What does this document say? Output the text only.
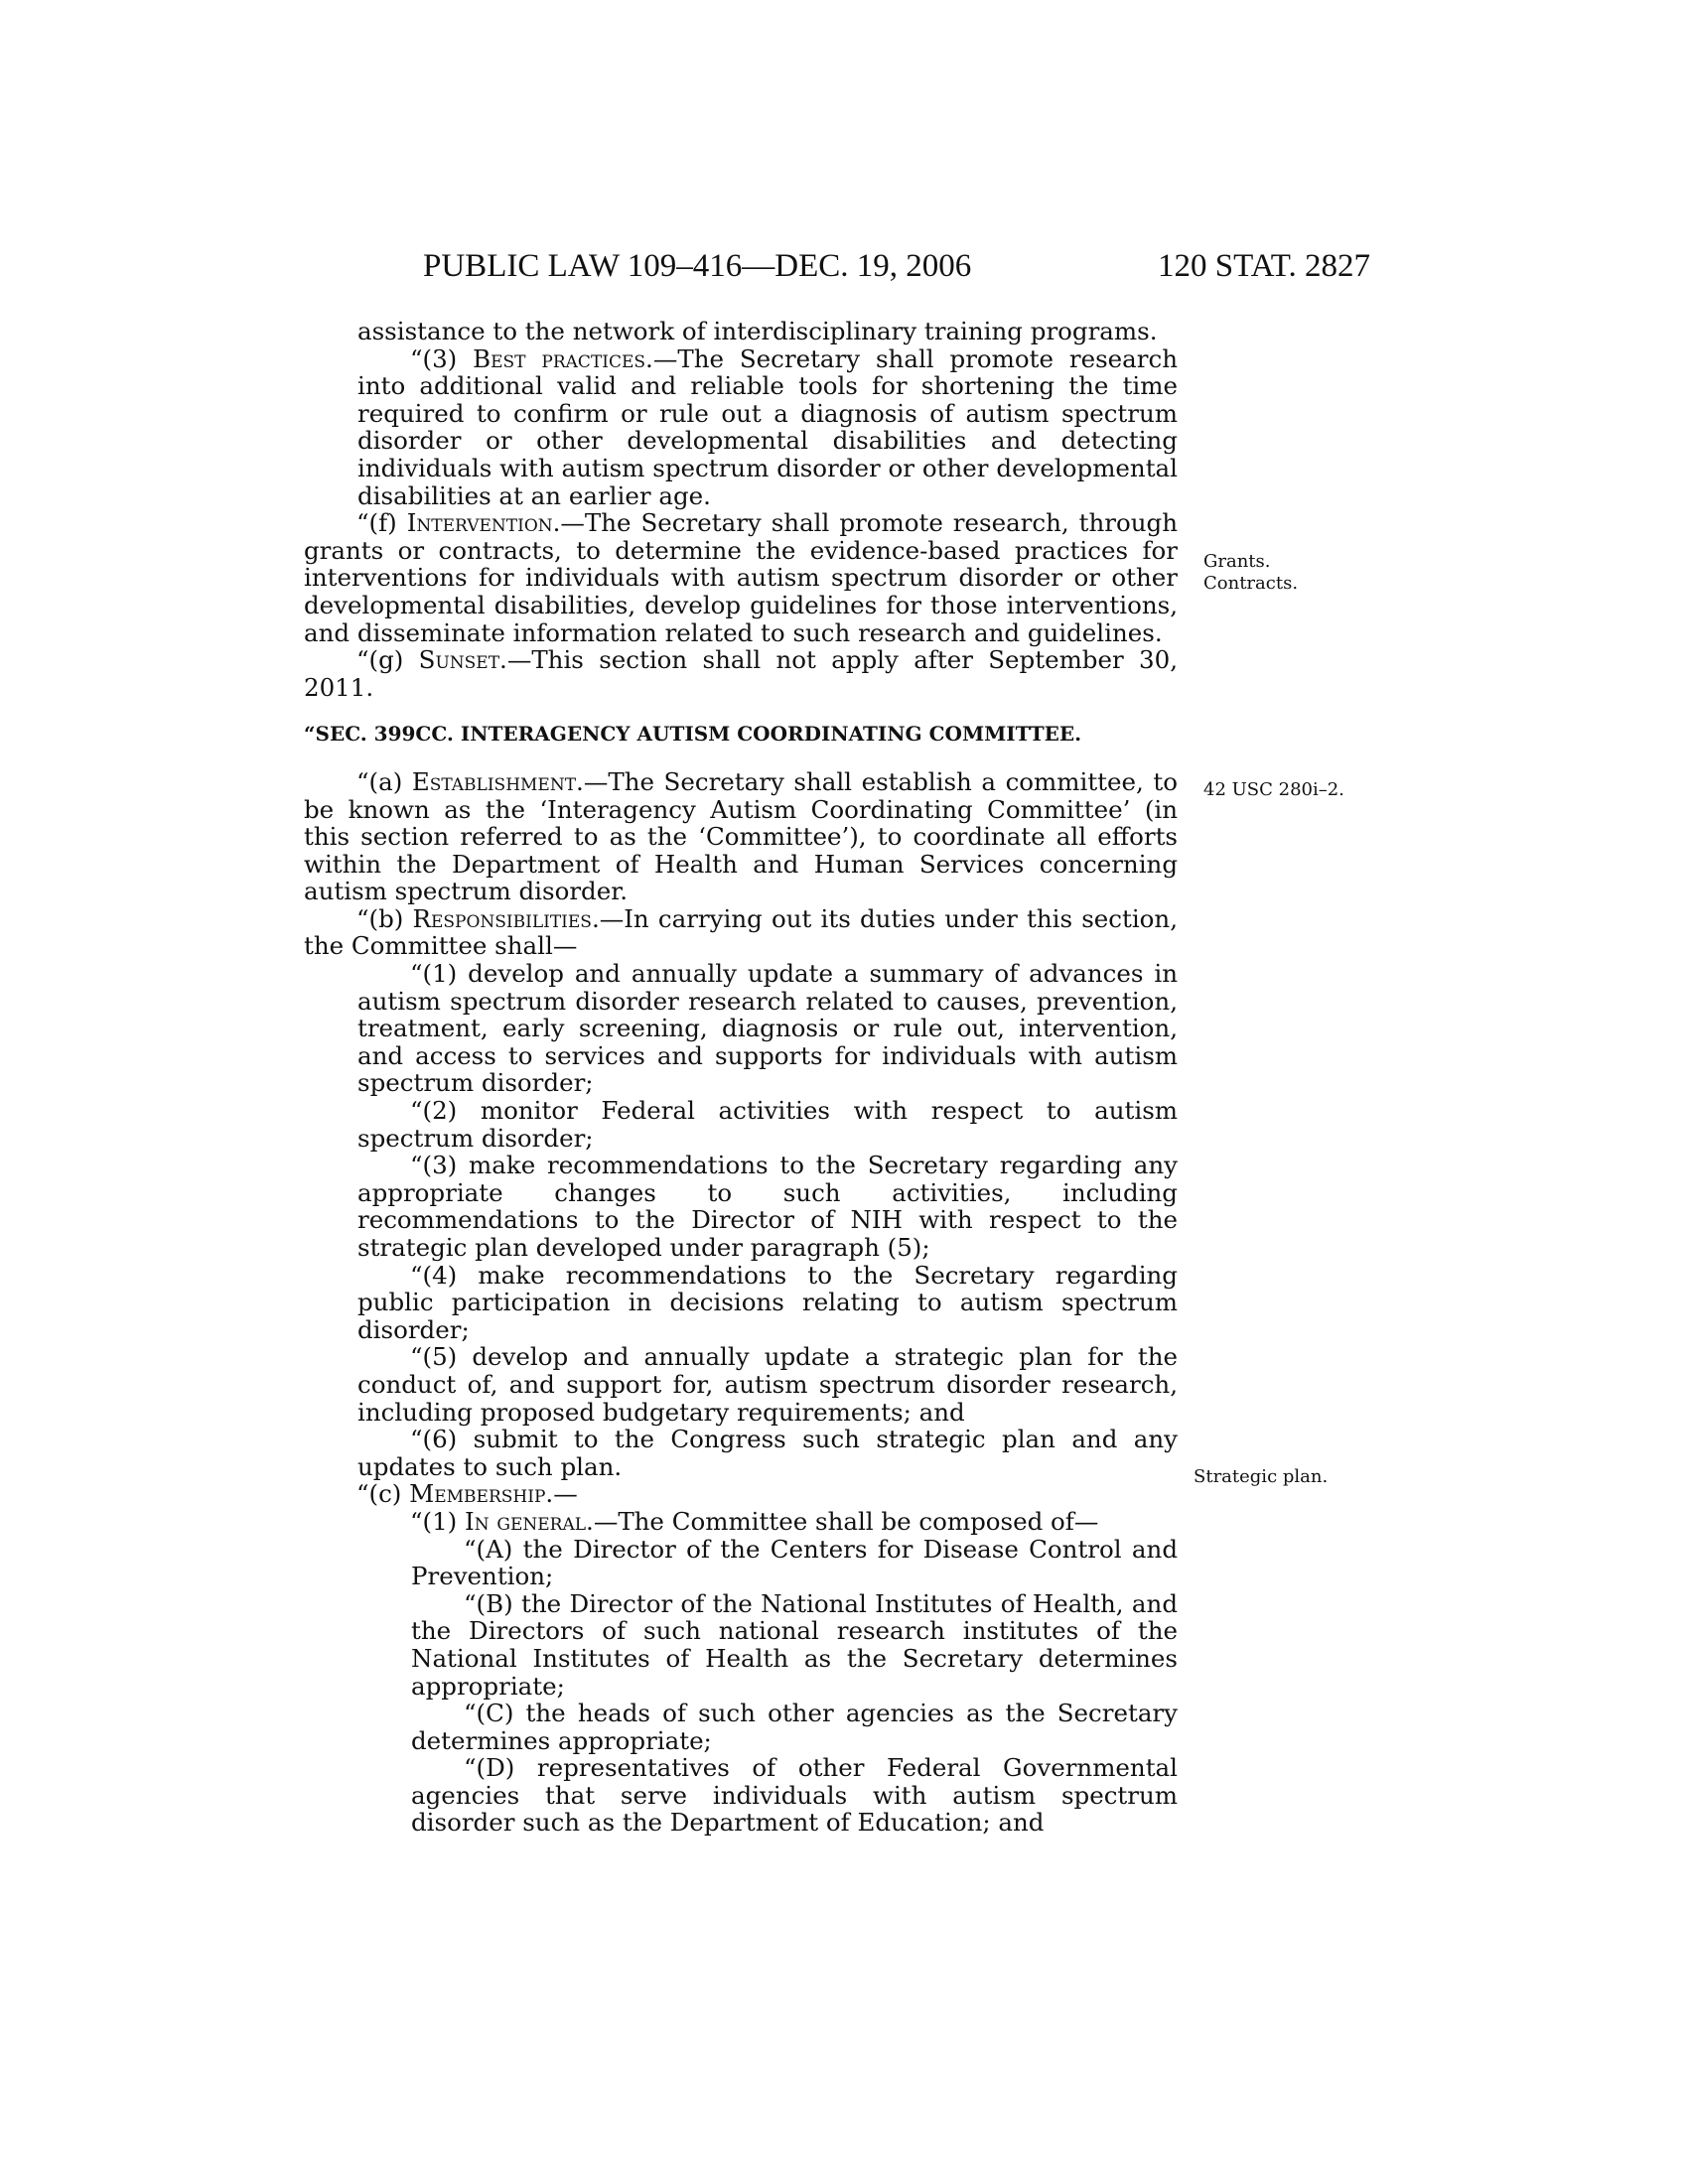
PUBLIC LAW 109–416—DEC. 19, 2006	120 STAT. 2827

assistance to the network of interdisciplinary training programs.

“(3) Best practices.—The Secretary shall promote research into additional valid and reliable tools for shortening the time required to confirm or rule out a diagnosis of autism spectrum disorder or other developmental disabilities and detecting individuals with autism spectrum disorder or other developmental disabilities at an earlier age.

“(f) Intervention.—The Secretary shall promote research, through grants or contracts, to determine the evidence-based practices for interventions for individuals with autism spectrum disorder or other developmental disabilities, develop guidelines for those interventions, and disseminate information related to such research and guidelines.

“(g) Sunset.—This section shall not apply after September 30, 2011.

“SEC. 399CC. INTERAGENCY AUTISM COORDINATING COMMITTEE.

“(a) Establishment.—The Secretary shall establish a committee, to be known as the ‘Interagency Autism Coordinating Committee’ (in this section referred to as the ‘Committee’), to coordinate all efforts within the Department of Health and Human Services concerning autism spectrum disorder.

“(b) Responsibilities.—In carrying out its duties under this section, the Committee shall—

“(1) develop and annually update a summary of advances in autism spectrum disorder research related to causes, prevention, treatment, early screening, diagnosis or rule out, intervention, and access to services and supports for individuals with autism spectrum disorder;

“(2) monitor Federal activities with respect to autism spectrum disorder;

“(3) make recommendations to the Secretary regarding any appropriate changes to such activities, including recommendations to the Director of NIH with respect to the strategic plan developed under paragraph (5);

“(4) make recommendations to the Secretary regarding public participation in decisions relating to autism spectrum disorder;

“(5) develop and annually update a strategic plan for the conduct of, and support for, autism spectrum disorder research, including proposed budgetary requirements; and

“(6) submit to the Congress such strategic plan and any updates to such plan.

“(c) Membership.—

“(1) In general.—The Committee shall be composed of—

“(A) the Director of the Centers for Disease Control and Prevention;

“(B) the Director of the National Institutes of Health, and the Directors of such national research institutes of the National Institutes of Health as the Secretary determines appropriate;

“(C) the heads of such other agencies as the Secretary determines appropriate;

“(D) representatives of other Federal Governmental agencies that serve individuals with autism spectrum disorder such as the Department of Education; and

Grants.
Contracts.
42 USC 280i–2.
Strategic plan.
